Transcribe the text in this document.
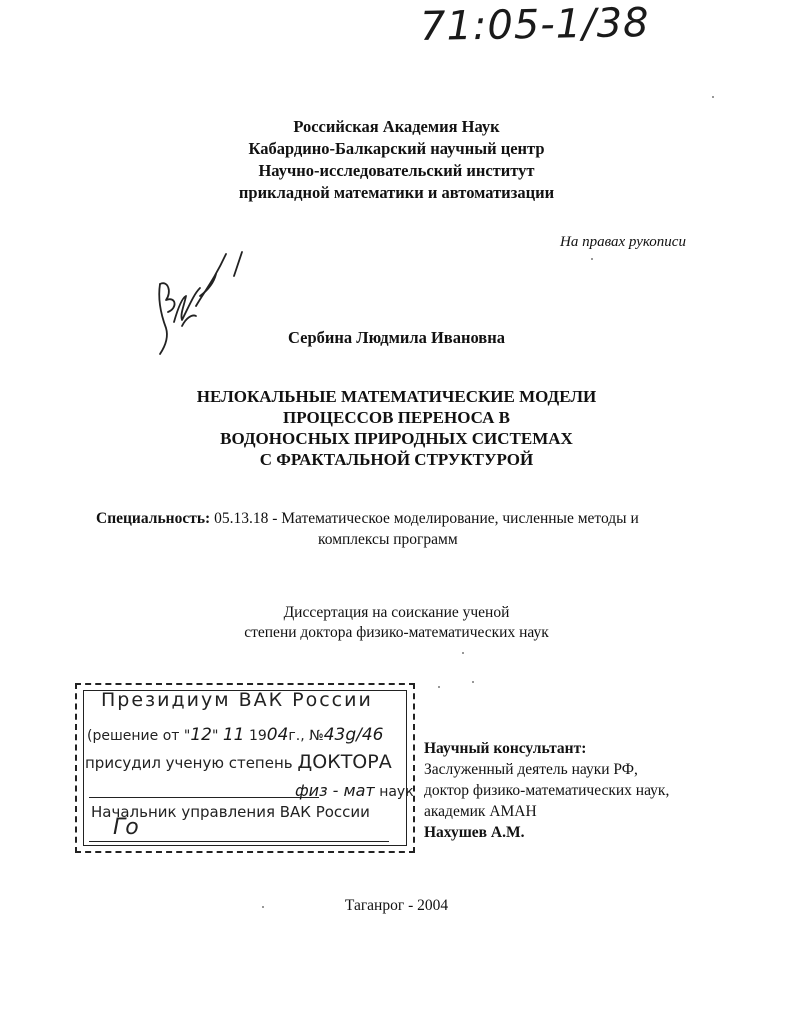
71:05-1/38
Российская Академия Наук
Кабардино-Балкарский научный центр
Научно-исследовательский институт
прикладной математики и автоматизации
На правах рукописи
Сербина Людмила Ивановна
НЕЛОКАЛЬНЫЕ МАТЕМАТИЧЕСКИЕ МОДЕЛИ
ПРОЦЕССОВ ПЕРЕНОСА В
ВОДОНОСНЫХ ПРИРОДНЫХ СИСТЕМАХ
С ФРАКТАЛЬНОЙ СТРУКТУРОЙ
Специальность: 05.13.18 - Математическое моделирование, численные методы и
комплексы программ
Диссертация на соискание ученой
степени доктора физико-математических наук
Президиум ВАК России
(решение от "12" 11 1904г., №43g/46
присудил ученую степень ДОКТОРА
физ - мат наук
Начальник управления ВАК России
Го
Научный консультант:
Заслуженный деятель науки РФ,
доктор физико-математических наук,
академик АМАН
Нахушев А.М.
Таганрог - 2004
